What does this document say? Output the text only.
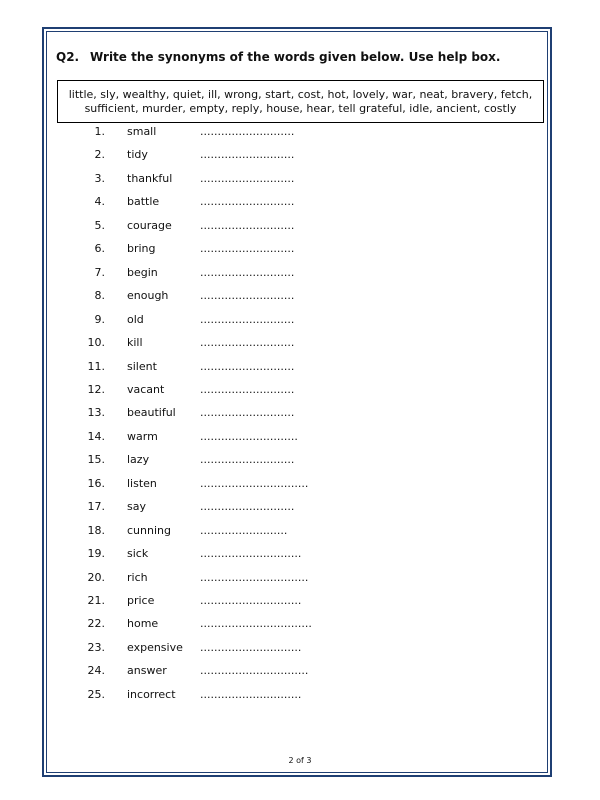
Q2. Write the synonyms of the words given below. Use help box.
little, sly, wealthy, quiet, ill, wrong, start, cost, hot, lovely, war, neat, bravery, fetch,
sufficient, murder, empty, reply, house, hear, tell grateful, idle, ancient, costly
1. small	...........................
2. tidy	...........................
3. thankful	...........................
4. battle	...........................
5. courage	...........................
6. bring	...........................
7. begin	...........................
8. enough	...........................
9. old	...........................
10. kill	...........................
11. silent	...........................
12. vacant	...........................
13. beautiful ...........................
14. warm	............................
15. lazy	...........................
16. listen	...............................
17. say	...........................
18. cunning	.........................
19. sick	.............................
20. rich	...............................
21. price	.............................
22. home	................................
23. expensive .............................
24. answer	...............................
25. incorrect .............................
2 of 3
